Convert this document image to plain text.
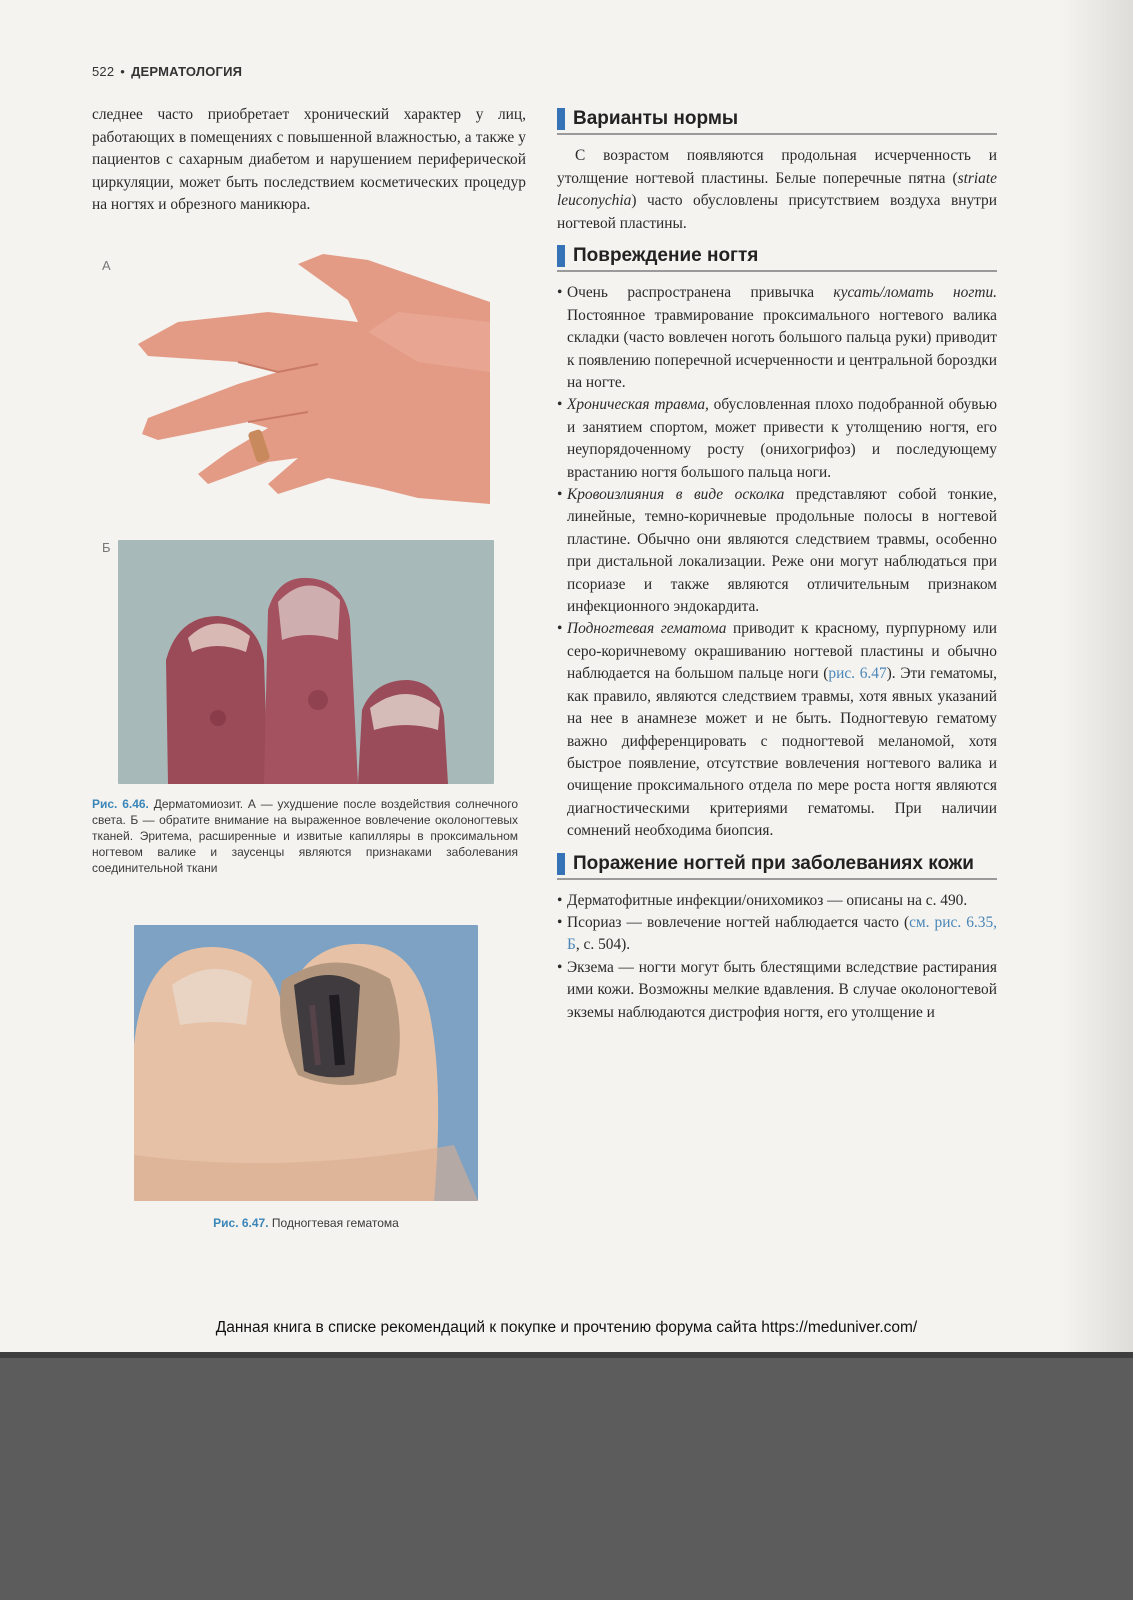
522 • ДЕРМАТОЛОГИЯ

следнее часто приобретает хронический характер у лиц, работающих в помещениях с повышенной влажностью, а также у пациентов с сахарным диабетом и нарушением периферической циркуляции, может быть последствием косметических процедур на ногтях и обрезного маникюра.

А
Б
Рис. 6.46. Дерматомиозит. А — ухудшение после воздействия солнечного света. Б — обратите внимание на выраженное вовлечение околоногтевых тканей. Эритема, расширенные и извитые капилляры в проксимальном ногтевом валике и заусенцы являются признаками заболевания соединительной ткани
Рис. 6.47. Подногтевая гематома
Варианты нормы

С возрастом появляются продольная исчерченность и утолщение ногтевой пластины. Белые поперечные пятна (striate leuconychia) часто обусловлены присутствием воздуха внутри ногтевой пластины.

Повреждение ногтя
• Очень распространена привычка кусать/ломать ногти. Постоянное травмирование проксимального ногтевого валика складки (часто вовлечен ноготь большого пальца руки) приводит к появлению поперечной исчерченности и центральной бороздки на ногте.
• Хроническая травма, обусловленная плохо подобранной обувью и занятием спортом, может привести к утолщению ногтя, его неупорядоченному росту (онихогрифоз) и последующему врастанию ногтя большого пальца ноги.
• Кровоизлияния в виде осколка представляют собой тонкие, линейные, темно-коричневые продольные полосы в ногтевой пластине. Обычно они являются следствием травмы, особенно при дистальной локализации. Реже они могут наблюдаться при псориазе и также являются отличительным признаком инфекционного эндокардита.
• Подногтевая гематома приводит к красному, пурпурному или серо-коричневому окрашиванию ногтевой пластины и обычно наблюдается на большом пальце ноги (рис. 6.47). Эти гематомы, как правило, являются следствием травмы, хотя явных указаний на нее в анамнезе может и не быть. Подногтевую гематому важно дифференцировать с подногтевой меланомой, хотя быстрое появление, отсутствие вовлечения ногтевого валика и очищение проксимального отдела по мере роста ногтя являются диагностическими критериями гематомы. При наличии сомнений необходима биопсия.
Поражение ногтей при заболеваниях кожи
• Дерматофитные инфекции/онихомикоз — описаны на с. 490.
• Псориаз — вовлечение ногтей наблюдается часто (см. рис. 6.35, Б, с. 504).
• Экзема — ногти могут быть блестящими вследствие растирания ими кожи. Возможны мелкие вдавления. В случае околоногтевой экземы наблюдаются дистрофия ногтя, его утолщение и
Данная книга в списке рекомендаций к покупке и прочтению форума сайта https://meduniver.com/
